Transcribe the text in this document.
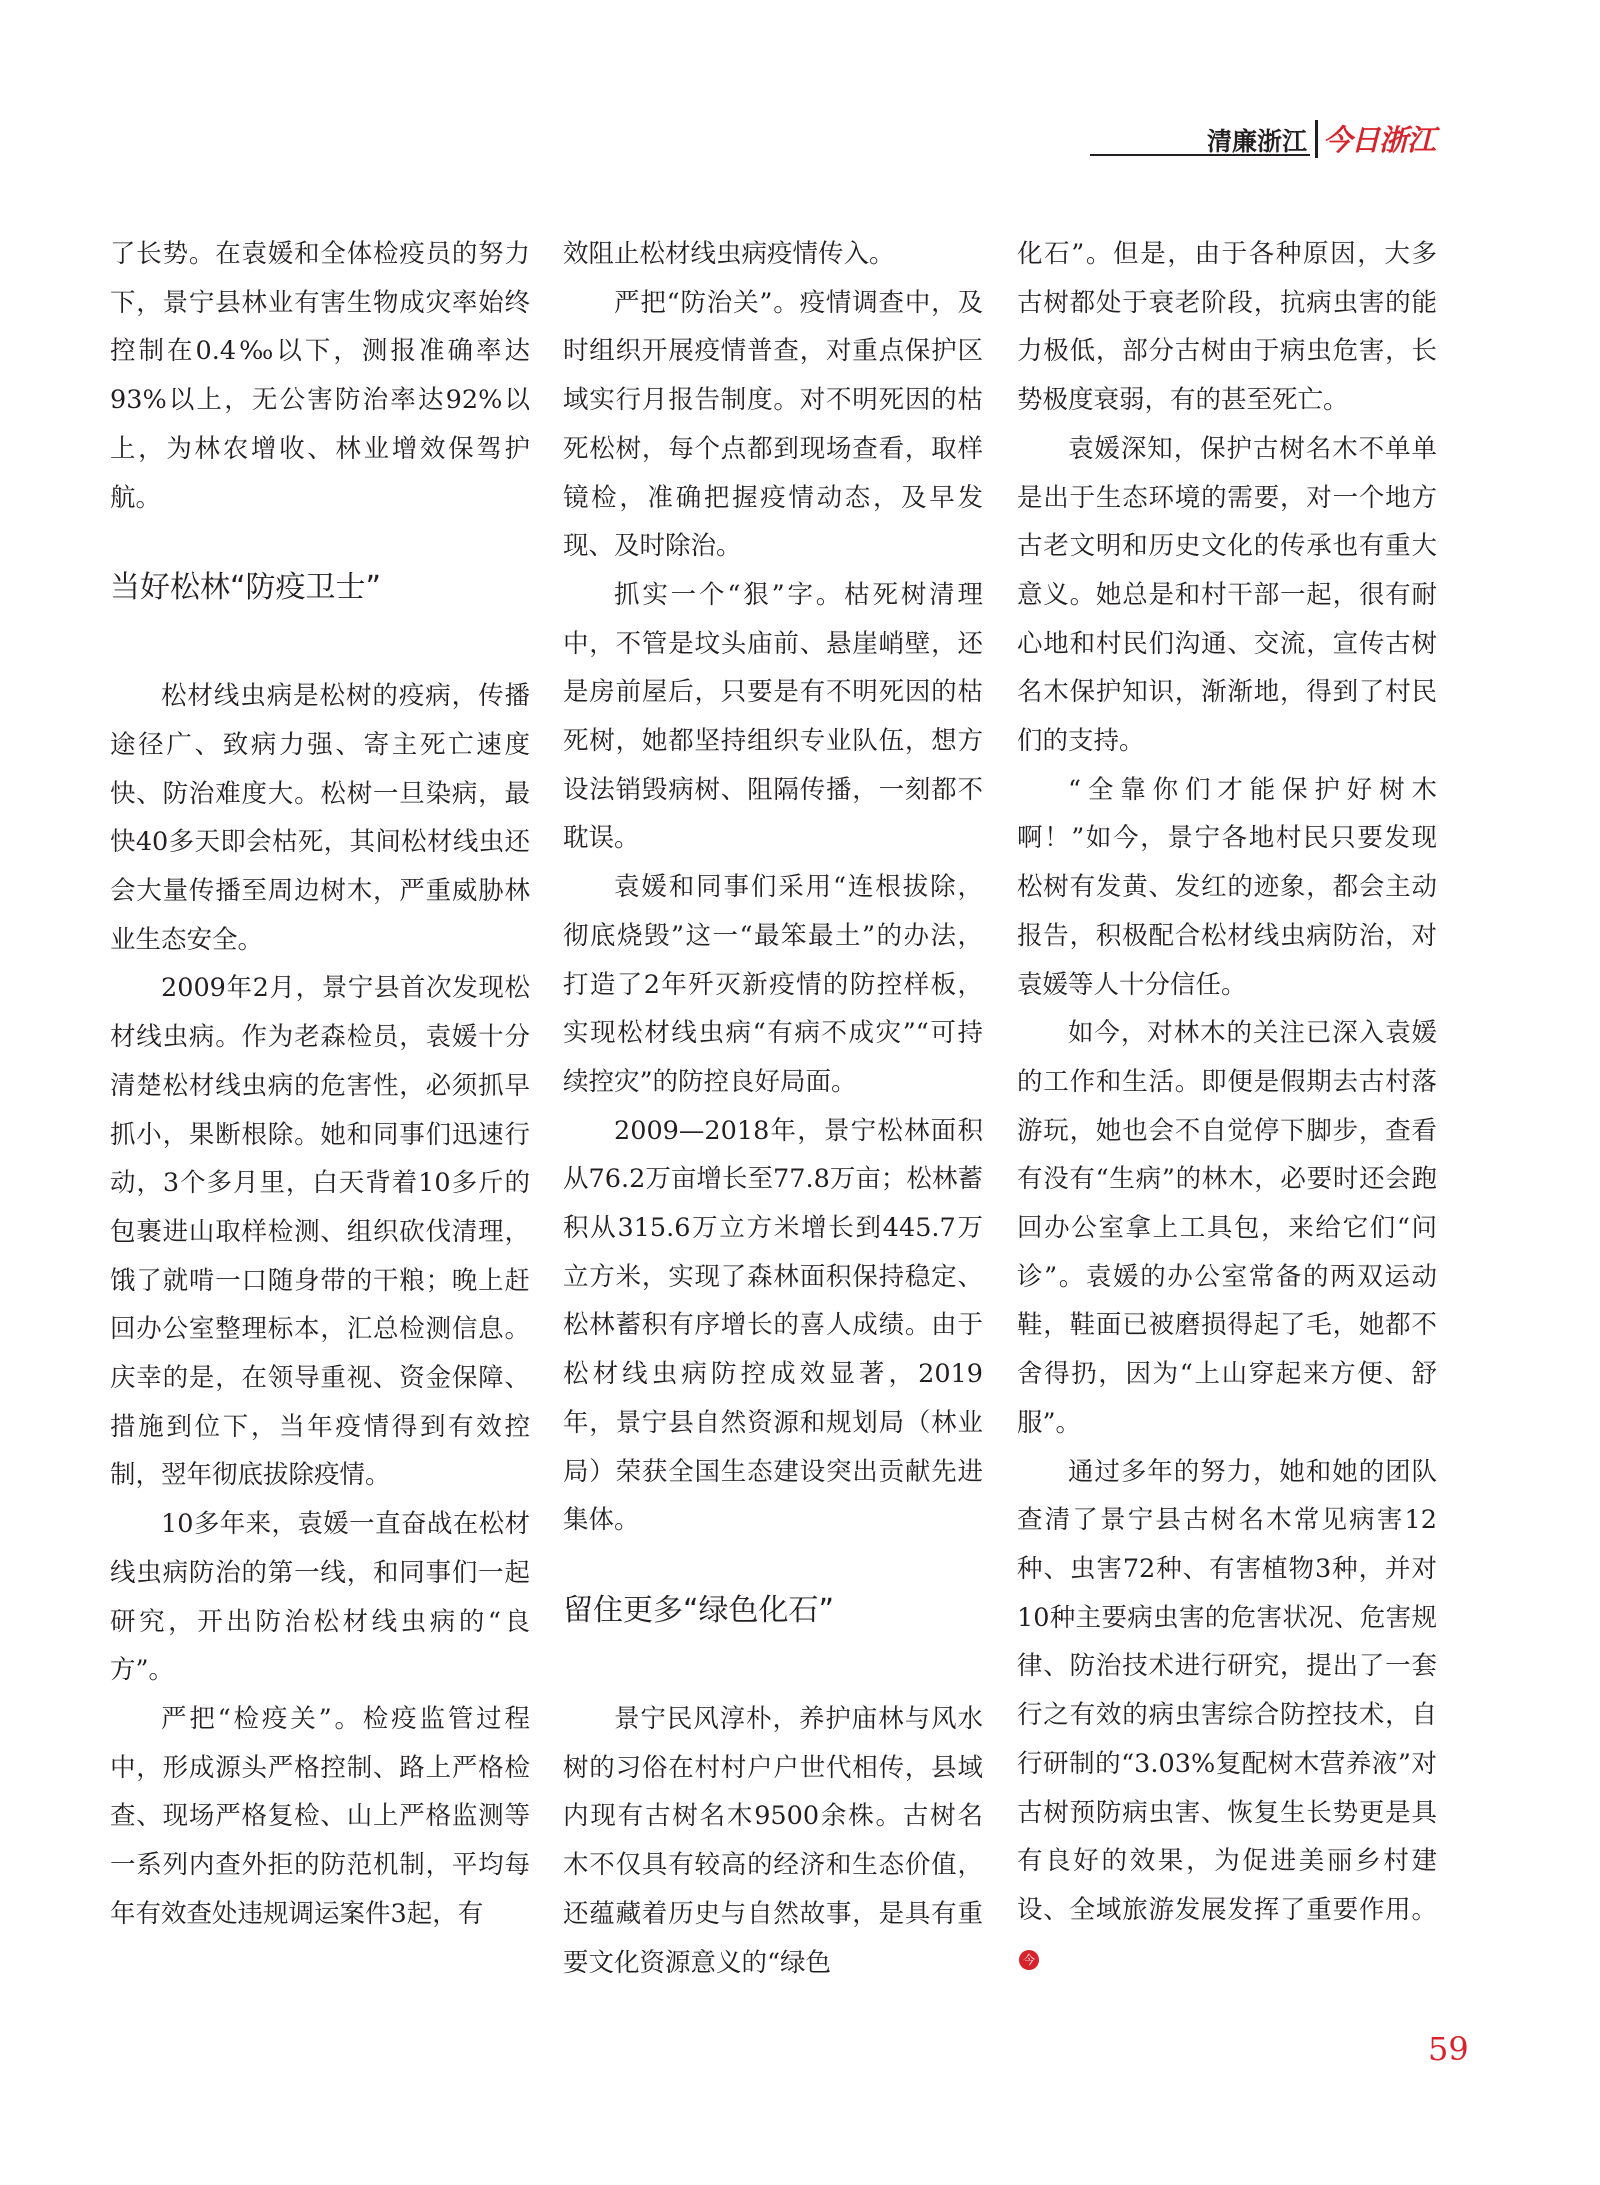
清廉浙江 今日浙江

了长势。在袁媛和全体检疫员的努力下，景宁县林业有害生物成灾率始终控制在0.4‰以下，测报准确率达93%以上，无公害防治率达92%以上，为林农增收、林业增效保驾护航。

当好松林“防疫卫士”

松材线虫病是松树的疫病，传播途径广、致病力强、寄主死亡速度快、防治难度大。松树一旦染病，最快40多天即会枯死，其间松材线虫还会大量传播至周边树木，严重威胁林业生态安全。

2009年2月，景宁县首次发现松材线虫病。作为老森检员，袁媛十分清楚松材线虫病的危害性，必须抓早抓小，果断根除。她和同事们迅速行动，3个多月里，白天背着10多斤的包裹进山取样检测、组织砍伐清理，饿了就啃一口随身带的干粮；晚上赶回办公室整理标本，汇总检测信息。庆幸的是，在领导重视、资金保障、措施到位下，当年疫情得到有效控制，翌年彻底拔除疫情。

10多年来，袁媛一直奋战在松材线虫病防治的第一线，和同事们一起研究，开出防治松材线虫病的“良方”。

严把“检疫关”。检疫监管过程中，形成源头严格控制、路上严格检查、现场严格复检、山上严格监测等一系列内查外拒的防范机制，平均每年有效查处违规调运案件3起，有

效阻止松材线虫病疫情传入。

严把“防治关”。疫情调查中，及时组织开展疫情普查，对重点保护区域实行月报告制度。对不明死因的枯死松树，每个点都到现场查看，取样镜检，准确把握疫情动态，及早发现、及时除治。

抓实一个“狠”字。枯死树清理中，不管是坟头庙前、悬崖峭壁，还是房前屋后，只要是有不明死因的枯死树，她都坚持组织专业队伍，想方设法销毁病树、阻隔传播，一刻都不耽误。

袁媛和同事们采用“连根拔除，彻底烧毁”这一“最笨最土”的办法，打造了2年歼灭新疫情的防控样板，实现松材线虫病“有病不成灾”“可持续控灾”的防控良好局面。

2009—2018年，景宁松林面积从76.2万亩增长至77.8万亩；松林蓄积从315.6万立方米增长到445.7万立方米，实现了森林面积保持稳定、松林蓄积有序增长的喜人成绩。由于松材线虫病防控成效显著，2019年，景宁县自然资源和规划局（林业局）荣获全国生态建设突出贡献先进集体。

留住更多“绿色化石”

景宁民风淳朴，养护庙林与风水树的习俗在村村户户世代相传，县域内现有古树名木9500余株。古树名木不仅具有较高的经济和生态价值，还蕴藏着历史与自然故事，是具有重要文化资源意义的“绿色

化石”。但是，由于各种原因，大多古树都处于衰老阶段，抗病虫害的能力极低，部分古树由于病虫危害，长势极度衰弱，有的甚至死亡。

袁媛深知，保护古树名木不单单是出于生态环境的需要，对一个地方古老文明和历史文化的传承也有重大意义。她总是和村干部一起，很有耐心地和村民们沟通、交流，宣传古树名木保护知识，渐渐地，得到了村民们的支持。

“全靠你们才能保护好树木啊！”如今，景宁各地村民只要发现松树有发黄、发红的迹象，都会主动报告，积极配合松材线虫病防治，对袁媛等人十分信任。

如今，对林木的关注已深入袁媛的工作和生活。即便是假期去古村落游玩，她也会不自觉停下脚步，查看有没有“生病”的林木，必要时还会跑回办公室拿上工具包，来给它们“问诊”。袁媛的办公室常备的两双运动鞋，鞋面已被磨损得起了毛，她都不舍得扔，因为“上山穿起来方便、舒服”。

通过多年的努力，她和她的团队查清了景宁县古树名木常见病害12种、虫害72种、有害植物3种，并对10种主要病虫害的危害状况、危害规律、防治技术进行研究，提出了一套行之有效的病虫害综合防控技术，自行研制的“3.03%复配树木营养液”对古树预防病虫害、恢复生长势更是具有良好的效果，为促进美丽乡村建设、全域旅游发展发挥了重要作用。今

59
